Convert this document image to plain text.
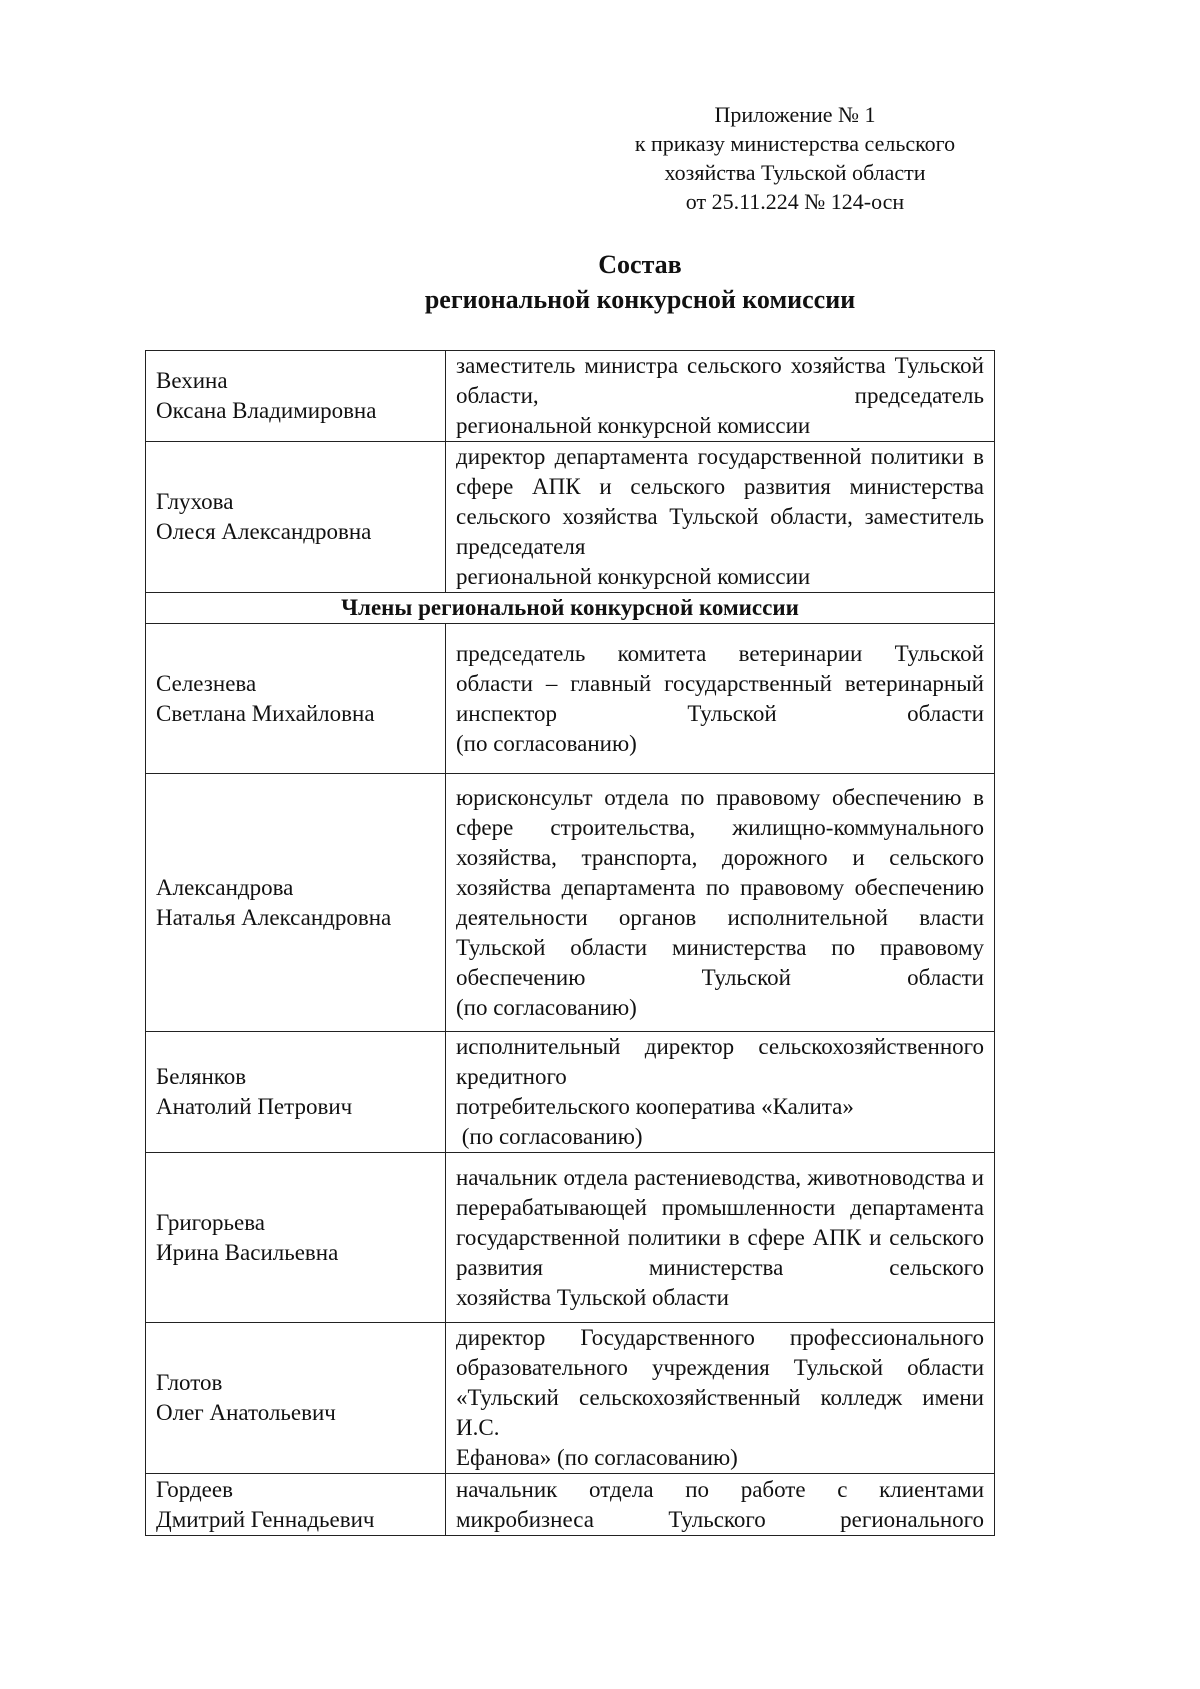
Приложение № 1
к приказу министерства сельского
хозяйства Тульской области
от 25.11.224 № 124-осн
Состав
региональной конкурсной комиссии
Вехина
Оксана Владимировна	заместитель министра сельского хозяйства Тульской области, председатель
региональной конкурсной комиссии

Глухова
Олеся Александровна	директор департамента государственной политики в сфере АПК и сельского развития министерства сельского хозяйства Тульской области, заместитель председателя
региональной конкурсной комиссии

Члены региональной конкурсной комиссии	

Селезнева
Светлана Михайловна	председатель комитета ветеринарии Тульской области – главный государственный ветеринарный инспектор Тульской области
(по согласованию)

Александрова
Наталья Александровна	юрисконсульт отдела по правовому обеспечению в сфере строительства, жилищно-коммунального хозяйства, транспорта, дорожного и сельского хозяйства департамента по правовому обеспечению деятельности органов исполнительной власти Тульской области министерства по правовому обеспечению Тульской области
(по согласованию)

Белянков
Анатолий Петрович	исполнительный директор сельскохозяйственного кредитного
потребительского кооператива «Калита»
(по согласованию)

Григорьева
Ирина Васильевна	начальник отдела растениеводства, животноводства и перерабатывающей промышленности департамента государственной политики в сфере АПК и сельского развития министерства сельского
хозяйства Тульской области

Глотов
Олег Анатольевич	директор Государственного профессионального образовательного учреждения Тульской области «Тульский сельскохозяйственный колледж имени И.С.
Ефанова» (по согласованию)

Гордеев
Дмитрий Геннадьевич	начальник отдела по работе с клиентами микробизнеса Тульского регионального
